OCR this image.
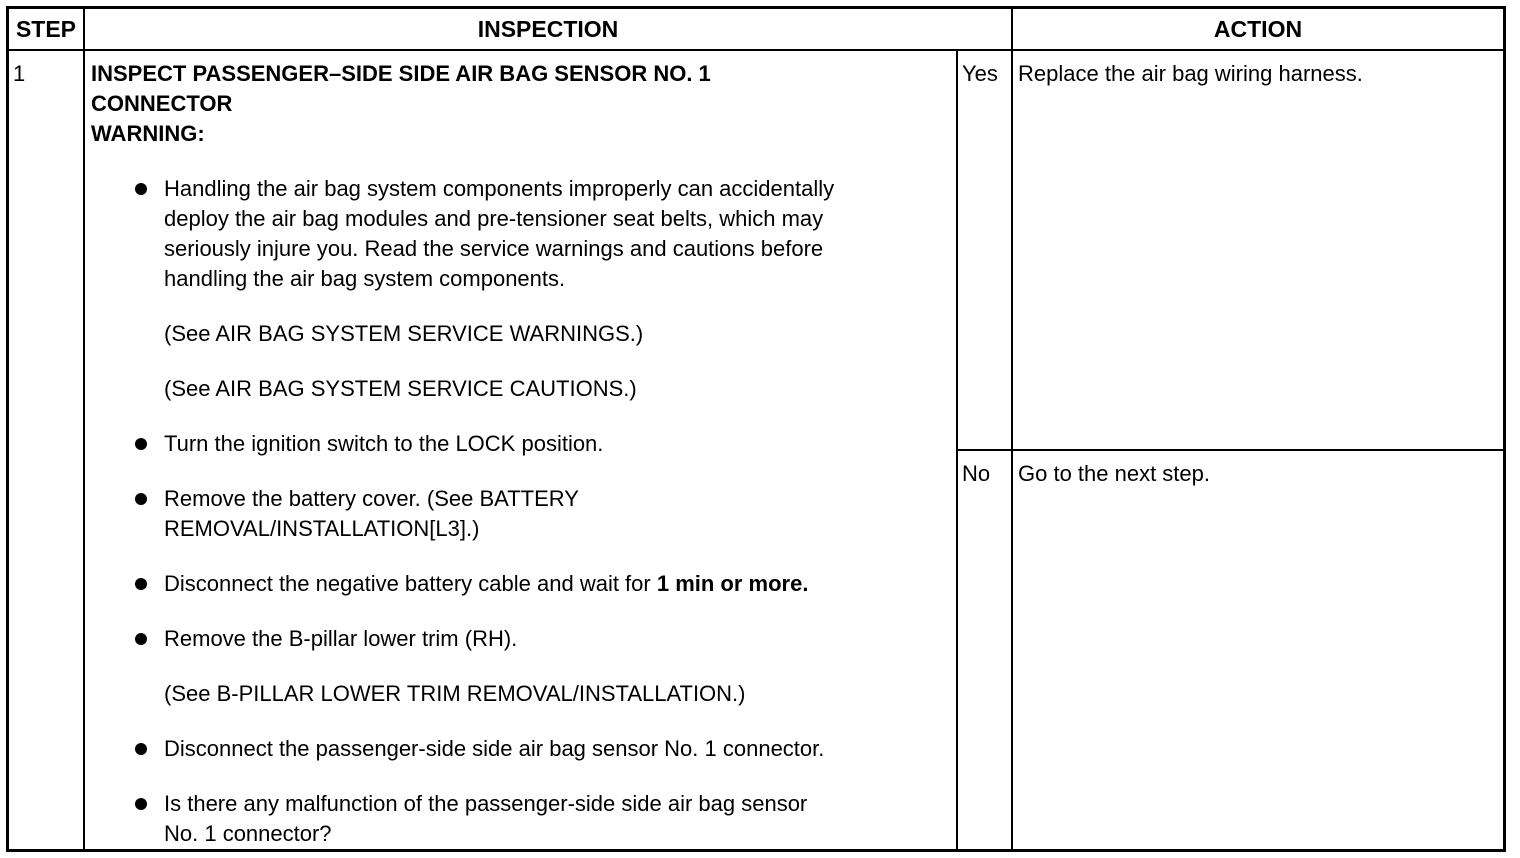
STEP	INSPECTION	ACTION
1	INSPECT PASSENGER–SIDE SIDE AIR BAG SENSOR NO. 1
CONNECTOR
WARNING:
Handling the air bag system components improperly can accidentally
deploy the air bag modules and pre-tensioner seat belts, which may
seriously injure you. Read the service warnings and cautions before
handling the air bag system components.
(See AIR BAG SYSTEM SERVICE WARNINGS.)
(See AIR BAG SYSTEM SERVICE CAUTIONS.)
Turn the ignition switch to the LOCK position.
Remove the battery cover. (See BATTERY
REMOVAL/INSTALLATION[L3].)
Disconnect the negative battery cable and wait for 1 min or more.
Remove the B-pillar lower trim (RH).
(See B-PILLAR LOWER TRIM REMOVAL/INSTALLATION.)
Disconnect the passenger-side side air bag sensor No. 1 connector.
Is there any malfunction of the passenger-side side air bag sensor
No. 1 connector?
Yes Replace the air bag wiring harness.
No Go to the next step.
